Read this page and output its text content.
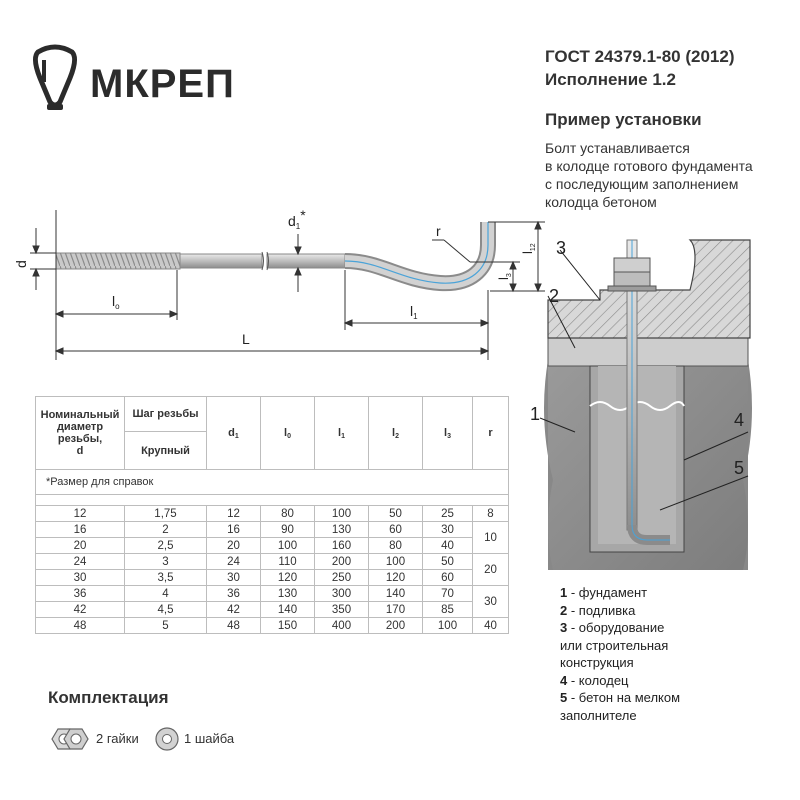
МКРЕП
ГОСТ 24379.1-80 (2012)
Исполнение 1.2
Пример установки
Болт устанавливается
в колодце готового фундамента
с последующим заполнением
колодца бетоном
d
$l_o$	$l_1$
L
$d_1*$
r
$l_{12}$
$l_3$
3
2
1	4
5
Номинальный
диаметр
резьбы,
d	Шаг резьбы	$d_1$	$l_0$	$l_1$	$l_2$	$l_3$	r
	Крупный						
*Размер для справок							

12	1,75	12	80	100	50	25	8
16	2	16	90	130	60	30	10
20	2,5	20	100	160	80	40	
24	3	24	110	200	100	50	20
30	3,5	30	120	250	120	60	
36	4	36	130	300	140	70	30
42	4,5	42	140	350	170	85	
48	5	48	150	400	200	100	40
Комплектация
2 гайки	1 шайба
1 - фундамент
2 - подливка
3 - оборудование
или строительная
конструкция
4 - колодец
5 - бетон на мелком
заполнителе
